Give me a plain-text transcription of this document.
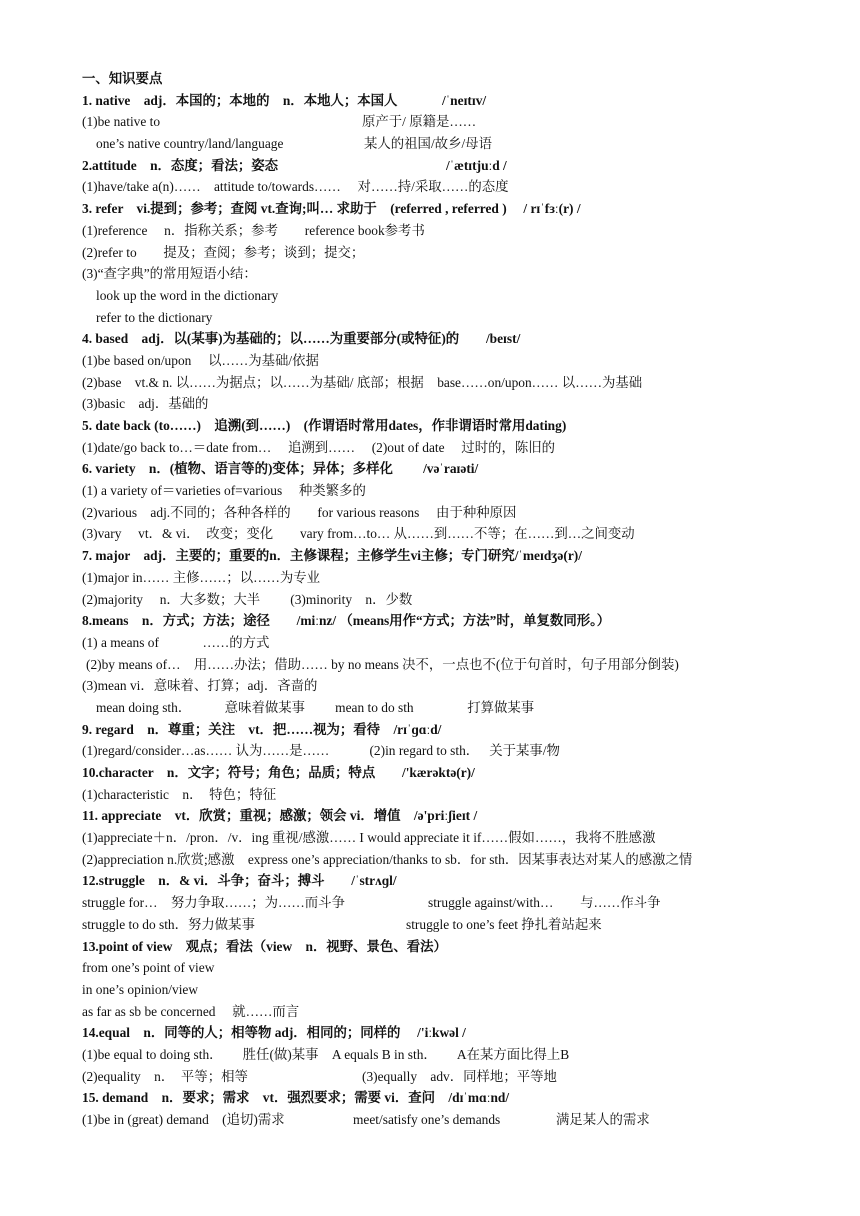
一、知识要点
1. native　adj．本国的；本地的　n．本地人；本国人	/ˈneɪtɪv/
(1)be native to	原产于/ 原籍是……
one’s native country/land/language	某人的祖国/故乡/母语
2.attitude　n．态度；看法；姿态	/ˈætɪtjuːd /
(1)have/take a(n)……　attitude to/towards……　 对……持/采取……的态度
3. refer　vi.提到；参考；查阅 vt.查询;叫… 求助于　(referred , referred )　 / rɪˈfɜː(r) /
(1)reference　 n．指称关系；参考　　reference book参考书
(2)refer to　　提及；查阅；参考；谈到；提交；
(3)“查字典”的常用短语小结：
look up the word in the dictionary
refer to the dictionary
4. based　adj．以(某事)为基础的；以……为重要部分(或特征)的　　/beɪst/
(1)be based on/upon　 以……为基础/依据
(2)base　vt.& n. 以……为据点；以……为基础/ 底部；根据　base……on/upon…… 以……为基础
(3)basic　adj．基础的
5. date back (to……)　追溯(到……)　(作谓语时常用dates，作非谓语时常用dating)
(1)date/go back to…＝date from…　 追溯到……　 (2)out of date　 过时的，陈旧的
6. variety　n．(植物、语言等的)变体；异体；多样化　　 /vəˈraɪəti/
(1) a variety of＝varieties of=various　 种类繁多的
(2)various　adj.不同的；各种各样的　　for various reasons　 由于种种原因
(3)vary　 vt．& vi．　改变；变化　　vary from…to… 从……到……不等；在……到…之间变动
7. major　adj．主要的；重要的n．主修课程；主修学生vi主修；专门研究/ˈmeɪdʒə(r)/
(1)major in…… 主修……；以……为专业
(2)majority　 n．大多数；大半　　 (3)minority　n．少数
8.means　n．方式；方法；途径　　/miːnz/ （means用作“方式；方法”时，单复数同形。）
(1) a means of　　　 ……的方式
(2)by means of…　用……办法；借助…… by no means 决不，一点也不(位于句首时，句子用部分倒装)
(3)mean vi．意味着、打算；adj．吝啬的
mean doing sth．　　　意味着做某事　　 mean to do sth　　　　打算做某事
9. regard　n．尊重；关注　vt．把……视为；看待　/rɪˈɡɑːd/
(1)regard/consider…as…… 认为……是……　　　(2)in regard to sth．　 关于某事/物
10.character　n．文字；符号；角色；品质；特点　　/'kærəktə(r)/
(1)characteristic　n．　特色；特征
11. appreciate　vt．欣赏；重视；感激；领会 vi．增值　/ə'priːʃieɪt /
(1)appreciate＋n．/pron．/v．ing 重视/感激…… I would appreciate it if……假如……，我将不胜感激
(2)appreciation n.欣赏;感激　express one’s appreciation/thanks to sb．for sth．因某事表达对某人的感激之情
12.struggle　n．& vi．斗争；奋斗；搏斗　　/ˈstrʌɡl/
struggle for…　努力争取……；为……而斗争	struggle against/with…　　与……作斗争
struggle to do sth．努力做某事	struggle to one’s feet 挣扎着站起来
13.point of view　观点；看法（view　n．视野、景色、看法）
from one’s point of view
in one’s opinion/view
as far as sb be concerned　 就……而言
14.equal　n．同等的人；相等物 adj．相同的；同样的　 /'iːkwəl /
(1)be equal to doing sth．　　胜任(做)某事　A equals B in sth．　　A在某方面比得上B
(2)equality　n．　平等；相等	(3)equally　adv．同样地；平等地
15. demand　n．要求；需求　vt．强烈要求；需要 vi．查问　/dɪˈmɑːnd/
(1)be in (great) demand　(追切)需求	meet/satisfy one’s demands	满足某人的需求
